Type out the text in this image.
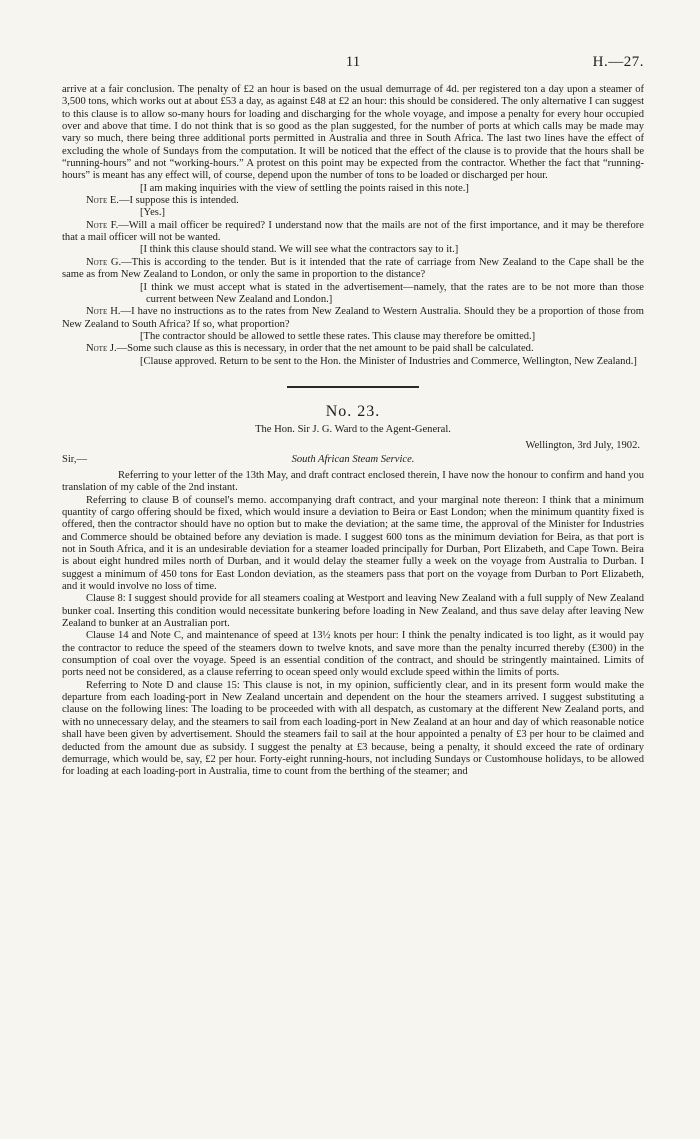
11	H.—27.

arrive at a fair conclusion. The penalty of £2 an hour is based on the usual demurrage of 4d. per registered ton a day upon a steamer of 3,500 tons, which works out at about £53 a day, as against £48 at £2 an hour: this should be considered. The only alternative I can suggest to this clause is to allow so-many hours for loading and discharging for the whole voyage, and impose a penalty for every hour occupied over and above that time. I do not think that is so good as the plan suggested, for the number of ports at which calls may be made may vary so much, there being three additional ports permitted in Australia and three in South Africa. The last two lines have the effect of excluding the whole of Sundays from the computation. It will be noticed that the effect of the clause is to provide that the hours shall be “running-hours” and not “working-hours.” A protest on this point may be expected from the contractor. Whether the fact that “running-hours” is meant has any effect will, of course, depend upon the number of tons to be loaded or discharged per hour.

[I am making inquiries with the view of settling the points raised in this note.]

Note E.—I suppose this is intended.

[Yes.]

Note F.—Will a mail officer be required? I understand now that the mails are not of the first importance, and it may be therefore that a mail officer will not be wanted.

[I think this clause should stand. We will see what the contractors say to it.]

Note G.—This is according to the tender. But is it intended that the rate of carriage from New Zealand to the Cape shall be the same as from New Zealand to London, or only the same in proportion to the distance?

[I think we must accept what is stated in the advertisement—namely, that the rates are to be not more than those current between New Zealand and London.]

Note H.—I have no instructions as to the rates from New Zealand to Western Australia. Should they be a proportion of those from New Zealand to South Africa? If so, what proportion?

[The contractor should be allowed to settle these rates. This clause may therefore be omitted.]

Note J.—Some such clause as this is necessary, in order that the net amount to be paid shall be calculated.

[Clause approved. Return to be sent to the Hon. the Minister of Industries and Commerce, Wellington, New Zealand.]

No. 23.
The Hon. Sir J. G. Ward to the Agent-General.
Wellington, 3rd July, 1902.
Sir,—	South African Steam Service.

Referring to your letter of the 13th May, and draft contract enclosed therein, I have now the honour to confirm and hand you translation of my cable of the 2nd instant.

Referring to clause B of counsel's memo. accompanying draft contract, and your marginal note thereon: I think that a minimum quantity of cargo offering should be fixed, which would insure a deviation to Beira or East London; when the minimum quantity fixed is offered, then the contractor should have no option but to make the deviation; at the same time, the approval of the Minister for Industries and Commerce should be obtained before any deviation is made. I suggest 600 tons as the minimum deviation for Beira, as that port is not in South Africa, and it is an undesirable deviation for a steamer loaded principally for Durban, Port Elizabeth, and Cape Town. Beira is about eight hundred miles north of Durban, and it would delay the steamer fully a week on the voyage from Australia to Durban. I suggest a minimum of 450 tons for East London deviation, as the steamers pass that port on the voyage from Durban to Port Elizabeth, and it would involve no loss of time.

Clause 8: I suggest should provide for all steamers coaling at Westport and leaving New Zealand with a full supply of New Zealand bunker coal. Inserting this condition would necessitate bunkering before loading in New Zealand, and thus save delay after leaving New Zealand to bunker at an Australian port.

Clause 14 and Note C, and maintenance of speed at 13½ knots per hour: I think the penalty indicated is too light, as it would pay the contractor to reduce the speed of the steamers down to twelve knots, and save more than the penalty incurred thereby (£300) in the consumption of coal over the voyage. Speed is an essential condition of the contract, and should be stringently maintained. Limits of ports need not be considered, as a clause referring to ocean speed only would exclude speed within the limits of ports.

Referring to Note D and clause 15: This clause is not, in my opinion, sufficiently clear, and in its present form would make the departure from each loading-port in New Zealand uncertain and dependent on the hour the steamers arrived. I suggest substituting a clause on the following lines: The loading to be proceeded with with all despatch, as customary at the different New Zealand ports, and with no unnecessary delay, and the steamers to sail from each loading-port in New Zealand at an hour and day of which reasonable notice shall have been given by advertisement. Should the steamers fail to sail at the hour appointed a penalty of £3 per hour to be claimed and deducted from the amount due as subsidy. I suggest the penalty at £3 because, being a penalty, it should exceed the rate of ordinary demurrage, which would be, say, £2 per hour. Forty-eight running-hours, not including Sundays or Customhouse holidays, to be allowed for loading at each loading-port in Australia, time to count from the berthing of the steamer; and
